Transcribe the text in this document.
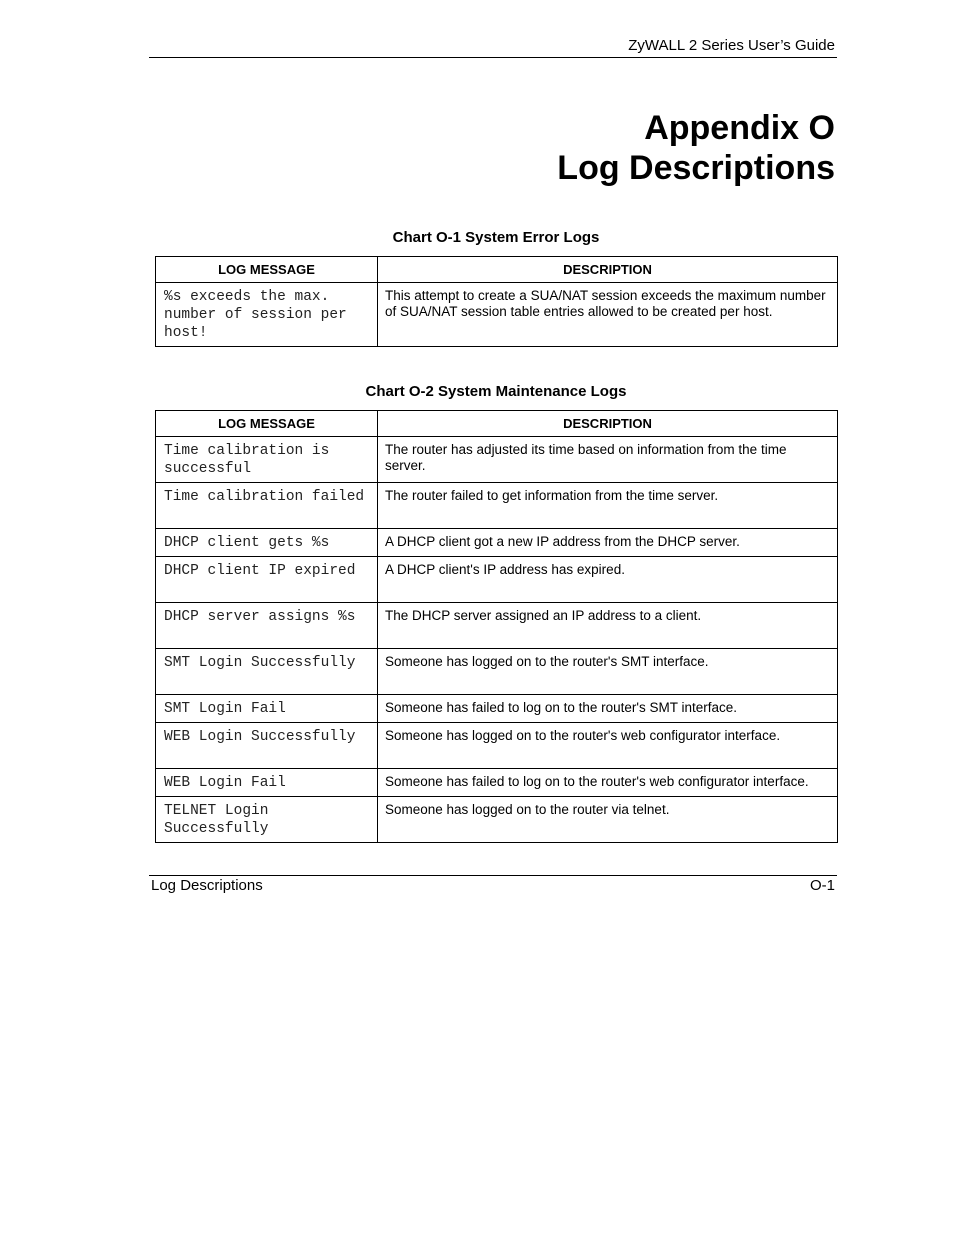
ZyWALL 2 Series User’s Guide
Appendix O
Log Descriptions
Chart O-1 System Error Logs
LOG MESSAGE	DESCRIPTION
%s exceeds the max. number of session per host!	This attempt to create a SUA/NAT session exceeds the maximum number of SUA/NAT session table entries allowed to be created per host.
Chart O-2 System Maintenance Logs
LOG MESSAGE	DESCRIPTION
Time calibration is successful	The router has adjusted its time based on information from the time server.
Time calibration failed	The router failed to get information from the time server.
DHCP client gets %s	A DHCP client got a new IP address from the DHCP server.
DHCP client IP expired	A DHCP client's IP address has expired.
DHCP server assigns %s	The DHCP server assigned an IP address to a client.
SMT Login Successfully	Someone has logged on to the router's SMT interface.
SMT Login Fail	Someone has failed to log on to the router's SMT interface.
WEB Login Successfully	Someone has logged on to the router's web configurator interface.
WEB Login Fail	Someone has failed to log on to the router's web configurator interface.
TELNET Login Successfully	Someone has logged on to the router via telnet.
Log Descriptions	O-1
